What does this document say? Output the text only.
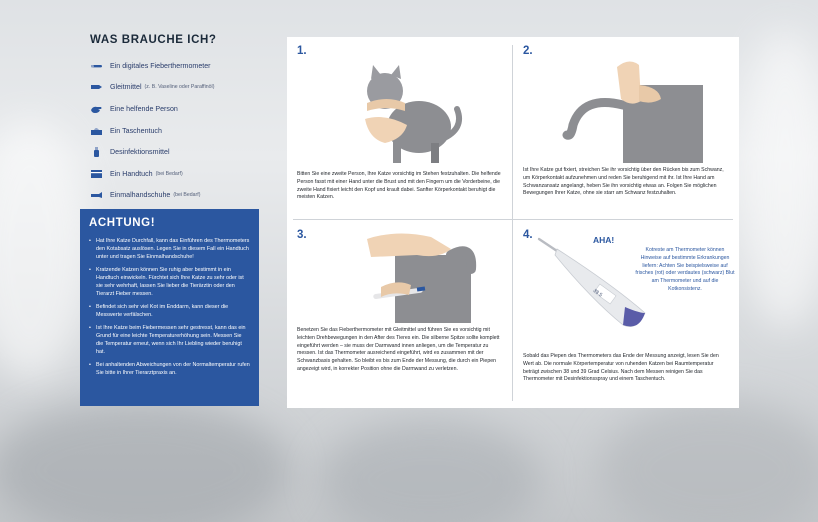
WAS BRAUCHE ICH?
Ein digitales Fieberthermometer
Gleitmittel (z. B. Vaseline oder Paraffinöl)
Eine helfende Person
Ein Taschentuch
Desinfektionsmittel
Ein Handtuch (bei Bedarf)
Einmalhandschuhe (bei Bedarf)
ACHTUNG!
• Hat Ihre Katze Durchfall, kann das Einführen des Thermometers den Kotabsatz auslösen. Legen Sie in diesem Fall ein Handtuch unter und tragen Sie Einmalhandschuhe!
• Kratzende Katzen können Sie ruhig aber bestimmt in ein Handtuch einwickeln. Fürchtet sich Ihre Katze zu sehr oder ist sie sehr wehrhaft, lassen Sie lieber die Tierärztin oder den Tierarzt Fieber messen.
• Befindet sich sehr viel Kot im Enddarm, kann dieser die Messwerte verfälschen.
• Ist Ihre Katze beim Fiebermessen sehr gestresst, kann das ein Grund für eine leichte Temperaturerhöhung sein. Messen Sie die Temperatur erneut, wenn sich Ihr Liebling wieder beruhigt hat.
• Bei anhaltenden Abweichungen von der Normaltemperatur rufen Sie bitte in Ihrer Tierarztpraxis an.
1.
Bitten Sie eine zweite Person, Ihre Katze vorsichtig im Stehen festzuhalten. Die helfende Person fasst mit einer Hand unter die Brust und mit den Fingern um die Vorderbeine, die zweite Hand fixiert leicht den Kopf und krault dabei. Sanfter Körperkontakt beruhigt die meisten Katzen.
2.
Ist Ihre Katze gut fixiert, streichen Sie ihr vorsichtig über den Rücken bis zum Schwanz, um Körperkontakt aufzunehmen und reden Sie beruhigend mit ihr. Ist Ihre Hand am Schwanzansatz angelangt, heben Sie ihn vorsichtig etwas an. Folgen Sie möglichen Bewegungen Ihrer Katze, ohne sie starr am Schwanz festzuhalten.
3.
Benetzen Sie das Fieberthermometer mit Gleitmittel und führen Sie es vorsichtig mit leichten Drehbewegungen in den After des Tieres ein. Die silberne Spitze sollte komplett eingeführt werden – sie muss der Darmwand innen anliegen, um die Temperatur zu messen. Ist das Thermometer ausreichend eingeführt, wird es zusammen mit der Schwanzbasis gehalten. So bleibt es bis zum Ende der Messung, die durch ein Piepen angezeigt wird, in korrekter Position ohne die Darmwand zu verletzen.
4.
38.5
AHA!
Kotreste am Thermometer können Hinweise auf bestimmte Erkrankungen liefern: Achten Sie beispielsweise auf frisches (rot) oder verdautes (schwarz) Blut am Thermometer und auf die Kotkonsistenz.
Sobald das Piepen des Thermometers das Ende der Messung anzeigt, lesen Sie den Wert ab. Die normale Körpertemperatur von ruhenden Katzen bei Raumtemperatur beträgt zwischen 38 und 39 Grad Celsius. Nach dem Messen reinigen Sie das Thermometer mit Desinfektionsspray und einem Taschentuch.
